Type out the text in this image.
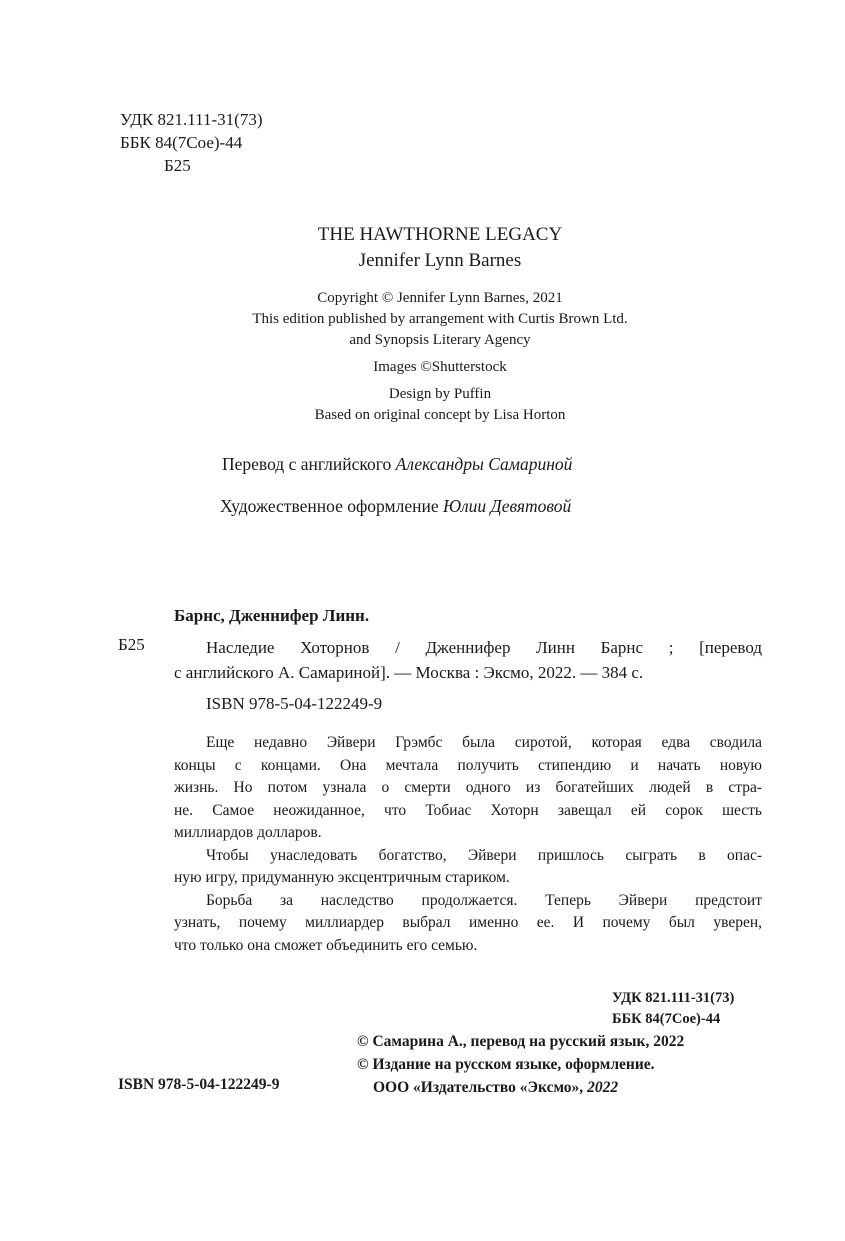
УДК 821.111-31(73)
ББК 84(7Сое)-44
Б25
THE HAWTHORNE LEGACY
Jennifer Lynn Barnes
Copyright © Jennifer Lynn Barnes, 2021
This edition published by arrangement with Curtis Brown Ltd.
and Synopsis Literary Agency
Images ©Shutterstock
Design by Puffin
Based on original concept by Lisa Horton
Перевод с английского Александры Самариной
Художественное оформление Юлии Девятовой
Барнс, Дженнифер Линн.
Б25	Наследие Хоторнов / Дженнифер Линн Барнс ; [перевод
с английского А. Самариной]. — Москва : Эксмо, 2022. — 384 с.
ISBN 978-5-04-122249-9

Еще недавно Эйвери Грэмбс была сиротой, которая едва сводила
концы с концами. Она мечтала получить стипендию и начать новую
жизнь. Но потом узнала о смерти одного из богатейших людей в стра-
не. Самое неожиданное, что Тобиас Хоторн завещал ей сорок шесть
миллиардов долларов.

Чтобы унаследовать богатство, Эйвери пришлось сыграть в опас-
ную игру, придуманную эксцентричным стариком.

Борьба за наследство продолжается. Теперь Эйвери предстоит
узнать, почему миллиардер выбрал именно ее. И почему был уверен,
что только она сможет объединить его семью.

УДК 821.111-31(73)
ББК 84(7Сое)-44
© Самарина А., перевод на русский язык, 2022
© Издание на русском языке, оформление.
ООО «Издательство «Эксмо», 2022
ISBN 978-5-04-122249-9
